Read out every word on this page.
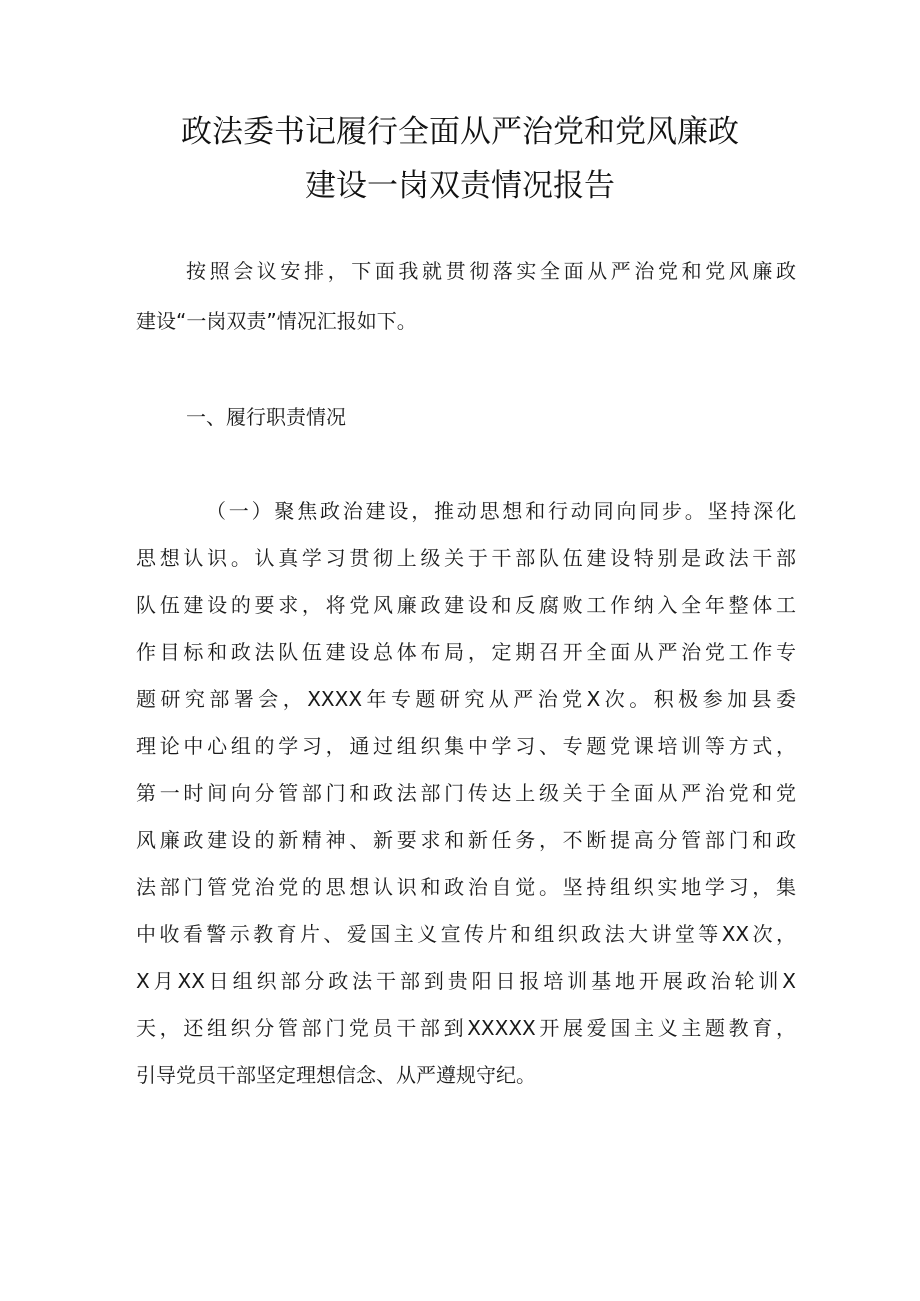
政法委书记履行全面从严治党和党风廉政
建设一岗双责情况报告
按照会议安排，下面我就贯彻落实全面从严治党和党风廉政
建设“一岗双责”情况汇报如下。
一、履行职责情况
（一）聚焦政治建设，推动思想和行动同向同步。坚持深化
思想认识。认真学习贯彻上级关于干部队伍建设特别是政法干部
队伍建设的要求，将党风廉政建设和反腐败工作纳入全年整体工
作目标和政法队伍建设总体布局，定期召开全面从严治党工作专
题研究部署会，XXXX年专题研究从严治党X次。积极参加县委
理论中心组的学习，通过组织集中学习、专题党课培训等方式，
第一时间向分管部门和政法部门传达上级关于全面从严治党和党
风廉政建设的新精神、新要求和新任务，不断提高分管部门和政
法部门管党治党的思想认识和政治自觉。坚持组织实地学习，集
中收看警示教育片、爱国主义宣传片和组织政法大讲堂等XX次，
X月XX日组织部分政法干部到贵阳日报培训基地开展政治轮训X
天，还组织分管部门党员干部到XXXXX开展爱国主义主题教育，
引导党员干部坚定理想信念、从严遵规守纪。
